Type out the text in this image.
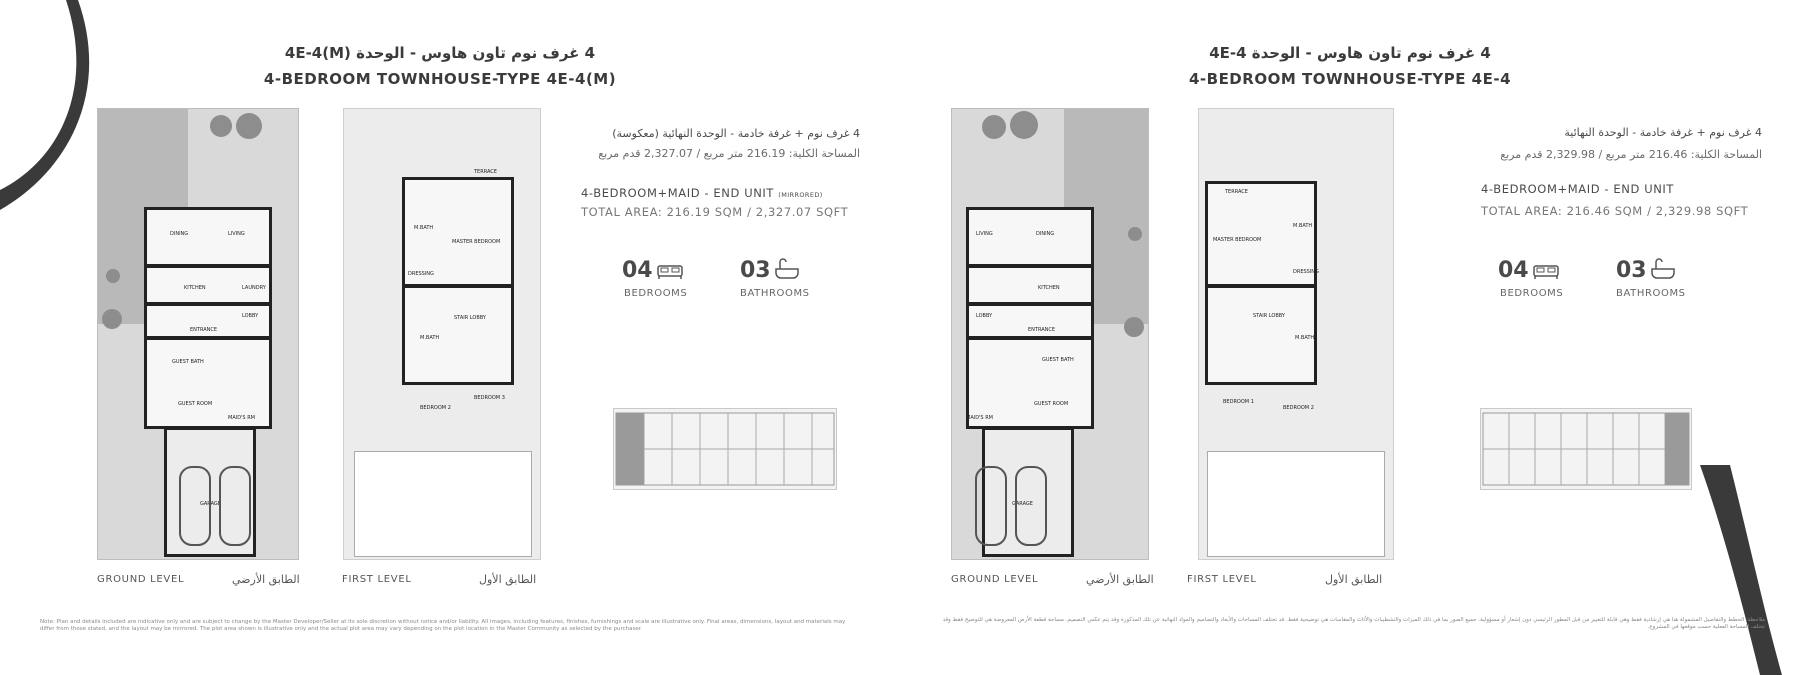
4 غرف نوم تاون هاوس - الوحدة 4E-4(M)
4-BEDROOM TOWNHOUSE-TYPE 4E-4(M)
DINING	LIVING
KITCHEN	LAUNDRY
LOBBY
ENTRANCE
GUEST BATH
GUEST ROOM
MAID'S RM
GARAGE
GROUND LEVEL	الطابق الأرضي
TERRACE
M.BATH
MASTER BEDROOM
DRESSING
STAIR LOBBY
M.BATH
BEDROOM 2
BEDROOM 3
FIRST LEVEL	الطابق الأول
4 غرف نوم + غرفة خادمة - الوحدة النهائية (معكوسة)
المساحة الكلية: 216.19 متر مربع / 2,327.07 قدم مربع
4-BEDROOM+MAID - END UNIT (MIRRORED)
TOTAL AREA: 216.19 SQM / 2,327.07 SQFT
04
BEDROOMS
03
BATHROOMS
Note: Plan and details included are indicative only and are subject to change by the Master Developer/Seller at its sole discretion without notice and/or liability. All images, including features, finishes, furnishings and scale are illustrative only. Final areas, dimensions, layout and materials may differ from those stated, and the layout may be mirrored. The plot area shown is illustrative only and the actual plot area may vary depending on the plot location in the Master Community as selected by the purchaser.
4 غرف نوم تاون هاوس - الوحدة 4E-4
4-BEDROOM TOWNHOUSE-TYPE 4E-4
LIVING	DINING
KITCHEN
LOBBY
ENTRANCE
GUEST BATH
MAID'S RM
GUEST ROOM
GARAGE
GROUND LEVEL	الطابق الأرضي
TERRACE
MASTER BEDROOM
M.BATH
DRESSING
STAIR LOBBY
M.BATH
BEDROOM 1
BEDROOM 2
FIRST LEVEL	الطابق الأول
4 غرف نوم + غرفة خادمة - الوحدة النهائية
المساحة الكلية: 216.46 متر مربع / 2,329.98 قدم مربع
4-BEDROOM+MAID - END UNIT
TOTAL AREA: 216.46 SQM / 2,329.98 SQFT
04
BEDROOMS
03
BATHROOMS
ملاحظة: الخطط والتفاصيل المشمولة هنا هي إرشادية فقط وهي قابلة للتغيير من قبل المطور الرئيسي دون إشعار أو مسؤولية. جميع الصور بما في ذلك الميزات والتشطيبات والأثاث والمقاسات هي توضيحية فقط. قد تختلف المساحات والأبعاد والتصاميم والمواد النهائية عن تلك المذكورة وقد يتم عكس التصميم. مساحة قطعة الأرض المعروضة هي للتوضيح فقط وقد تختلف المساحة الفعلية حسب موقعها في المشروع.
